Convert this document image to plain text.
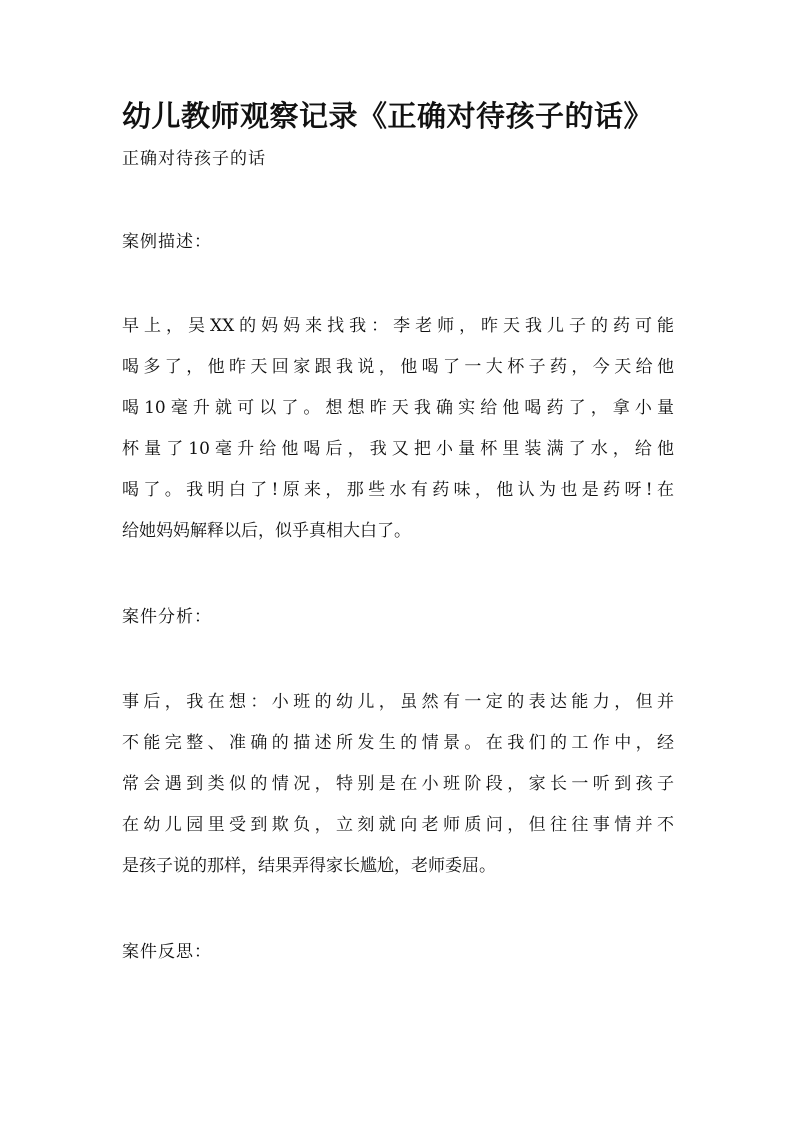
幼儿教师观察记录《正确对待孩子的话》

正确对待孩子的话

案例描述：

早上，吴XX的妈妈来找我：李老师，昨天我儿子的药可能
喝多了，他昨天回家跟我说，他喝了一大杯子药，今天给他
喝10毫升就可以了。想想昨天我确实给他喝药了，拿小量
杯量了10毫升给他喝后，我又把小量杯里装满了水，给他
喝了。我明白了!原来，那些水有药味，他认为也是药呀!在
给她妈妈解释以后，似乎真相大白了。

案件分析：

事后，我在想：小班的幼儿，虽然有一定的表达能力，但并
不能完整、准确的描述所发生的情景。在我们的工作中，经
常会遇到类似的情况，特别是在小班阶段，家长一听到孩子
在幼儿园里受到欺负，立刻就向老师质问，但往往事情并不
是孩子说的那样，结果弄得家长尴尬，老师委屈。

案件反思：
